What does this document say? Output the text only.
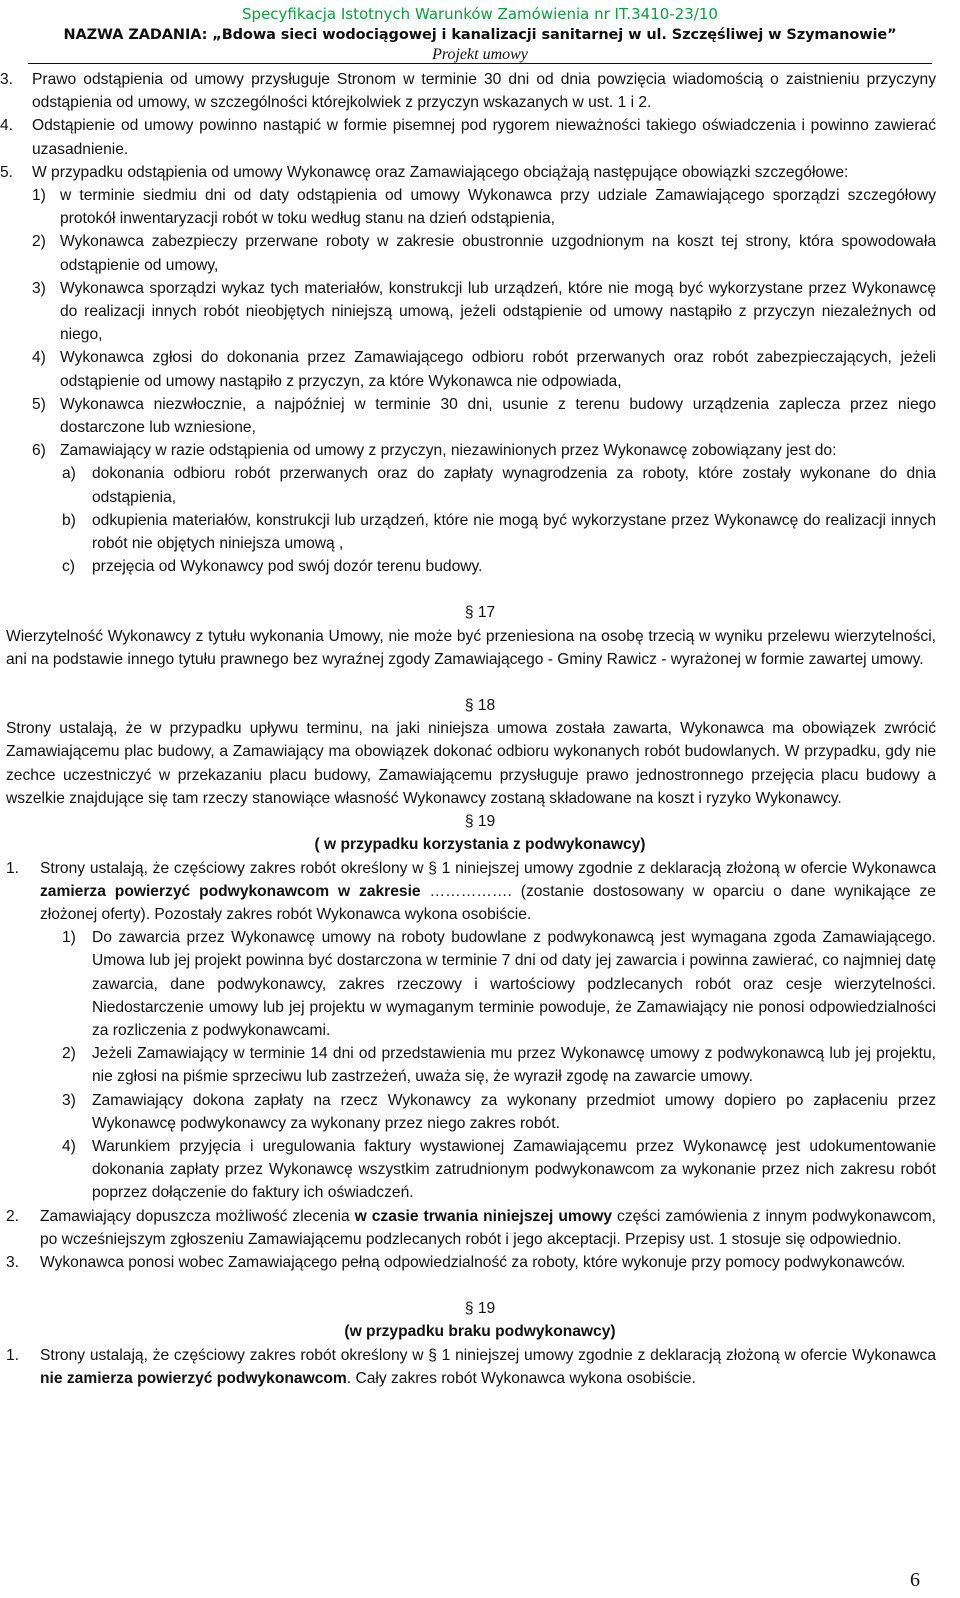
Specyfikacja Istotnych Warunków Zamówienia nr IT.3410-23/10
NAZWA ZADANIA: „Bdowa sieci wodociągowej i kanalizacji sanitarnej w ul. Szczęśliwej w Szymanowie”
Projekt umowy

3. Prawo odstąpienia od umowy przysługuje Stronom w terminie 30 dni od dnia powzięcia wiadomością o zaistnieniu przyczyny odstąpienia od umowy, w szczególności którejkolwiek z przyczyn wskazanych w ust. 1 i 2.

4. Odstąpienie od umowy powinno nastąpić w formie pisemnej pod rygorem nieważności takiego oświadczenia i powinno zawierać uzasadnienie.

5. W przypadku odstąpienia od umowy Wykonawcę oraz Zamawiającego obciążają następujące obowiązki szczegółowe:

1) w terminie siedmiu dni od daty odstąpienia od umowy Wykonawca przy udziale Zamawiającego sporządzi szczegółowy protokół inwentaryzacji robót w toku według stanu na dzień odstąpienia,

2) Wykonawca zabezpieczy przerwane roboty w zakresie obustronnie uzgodnionym na koszt tej strony, która spowodowała odstąpienie od umowy,

3) Wykonawca sporządzi wykaz tych materiałów, konstrukcji lub urządzeń, które nie mogą być wykorzystane przez Wykonawcę do realizacji innych robót nieobjętych niniejszą umową, jeżeli odstąpienie od umowy nastąpiło z przyczyn niezależnych od niego,

4) Wykonawca zgłosi do dokonania przez Zamawiającego odbioru robót przerwanych oraz robót zabezpieczających, jeżeli odstąpienie od umowy nastąpiło z przyczyn, za które Wykonawca nie odpowiada,

5) Wykonawca niezwłocznie, a najpóźniej w terminie 30 dni, usunie z terenu budowy urządzenia zaplecza przez niego dostarczone lub wzniesione,

6) Zamawiający w razie odstąpienia od umowy z przyczyn, niezawinionych przez Wykonawcę zobowiązany jest do:

a) dokonania odbioru robót przerwanych oraz do zapłaty wynagrodzenia za roboty, które zostały wykonane do dnia odstąpienia,

b) odkupienia materiałów, konstrukcji lub urządzeń, które nie mogą być wykorzystane przez Wykonawcę do realizacji innych robót nie objętych niniejsza umową ,

c) przejęcia od Wykonawcy pod swój dozór terenu budowy.

§ 17

Wierzytelność Wykonawcy z tytułu wykonania Umowy, nie może być przeniesiona na osobę trzecią w wyniku przelewu wierzytelności, ani na podstawie innego tytułu prawnego bez wyraźnej zgody Zamawiającego - Gminy Rawicz - wyrażonej w formie zawartej umowy.

§ 18

Strony ustalają, że w przypadku upływu terminu, na jaki niniejsza umowa została zawarta, Wykonawca ma obowiązek zwrócić Zamawiającemu plac budowy, a Zamawiający ma obowiązek dokonać odbioru wykonanych robót budowlanych. W przypadku, gdy nie zechce uczestniczyć w przekazaniu placu budowy, Zamawiającemu przysługuje prawo jednostronnego przejęcia placu budowy a wszelkie znajdujące się tam rzeczy stanowiące własność Wykonawcy zostaną składowane na koszt i ryzyko Wykonawcy.

§ 19
( w przypadku korzystania z podwykonawcy)

1. Strony ustalają, że częściowy zakres robót określony w § 1 niniejszej umowy zgodnie z deklaracją złożoną w ofercie Wykonawca zamierza powierzyć podwykonawcom w zakresie ……………. (zostanie dostosowany w oparciu o dane wynikające ze złożonej oferty). Pozostały zakres robót Wykonawca wykona osobiście.

1) Do zawarcia przez Wykonawcę umowy na roboty budowlane z podwykonawcą jest wymagana zgoda Zamawiającego. Umowa lub jej projekt powinna być dostarczona w terminie 7 dni od daty jej zawarcia i powinna zawierać, co najmniej datę zawarcia, dane podwykonawcy, zakres rzeczowy i wartościowy podzlecanych robót oraz cesje wierzytelności. Niedostarczenie umowy lub jej projektu w wymaganym terminie powoduje, że Zamawiający nie ponosi odpowiedzialności za rozliczenia z podwykonawcami.

2) Jeżeli Zamawiający w terminie 14 dni od przedstawienia mu przez Wykonawcę umowy z podwykonawcą lub jej projektu, nie zgłosi na piśmie sprzeciwu lub zastrzeżeń, uważa się, że wyraził zgodę na zawarcie umowy.

3) Zamawiający dokona zapłaty na rzecz Wykonawcy za wykonany przedmiot umowy dopiero po zapłaceniu przez Wykonawcę podwykonawcy za wykonany przez niego zakres robót.

4) Warunkiem przyjęcia i uregulowania faktury wystawionej Zamawiającemu przez Wykonawcę jest udokumentowanie dokonania zapłaty przez Wykonawcę wszystkim zatrudnionym podwykonawcom za wykonanie przez nich zakresu robót poprzez dołączenie do faktury ich oświadczeń.

2. Zamawiający dopuszcza możliwość zlecenia w czasie trwania niniejszej umowy części zamówienia z innym podwykonawcom, po wcześniejszym zgłoszeniu Zamawiającemu podzlecanych robót i jego akceptacji. Przepisy ust. 1 stosuje się odpowiednio.

3. Wykonawca ponosi wobec Zamawiającego pełną odpowiedzialność za roboty, które wykonuje przy pomocy podwykonawców.

§ 19
(w przypadku braku podwykonawcy)

1. Strony ustalają, że częściowy zakres robót określony w § 1 niniejszej umowy zgodnie z deklaracją złożoną w ofercie Wykonawca nie zamierza powierzyć podwykonawcom. Cały zakres robót Wykonawca wykona osobiście.

6
